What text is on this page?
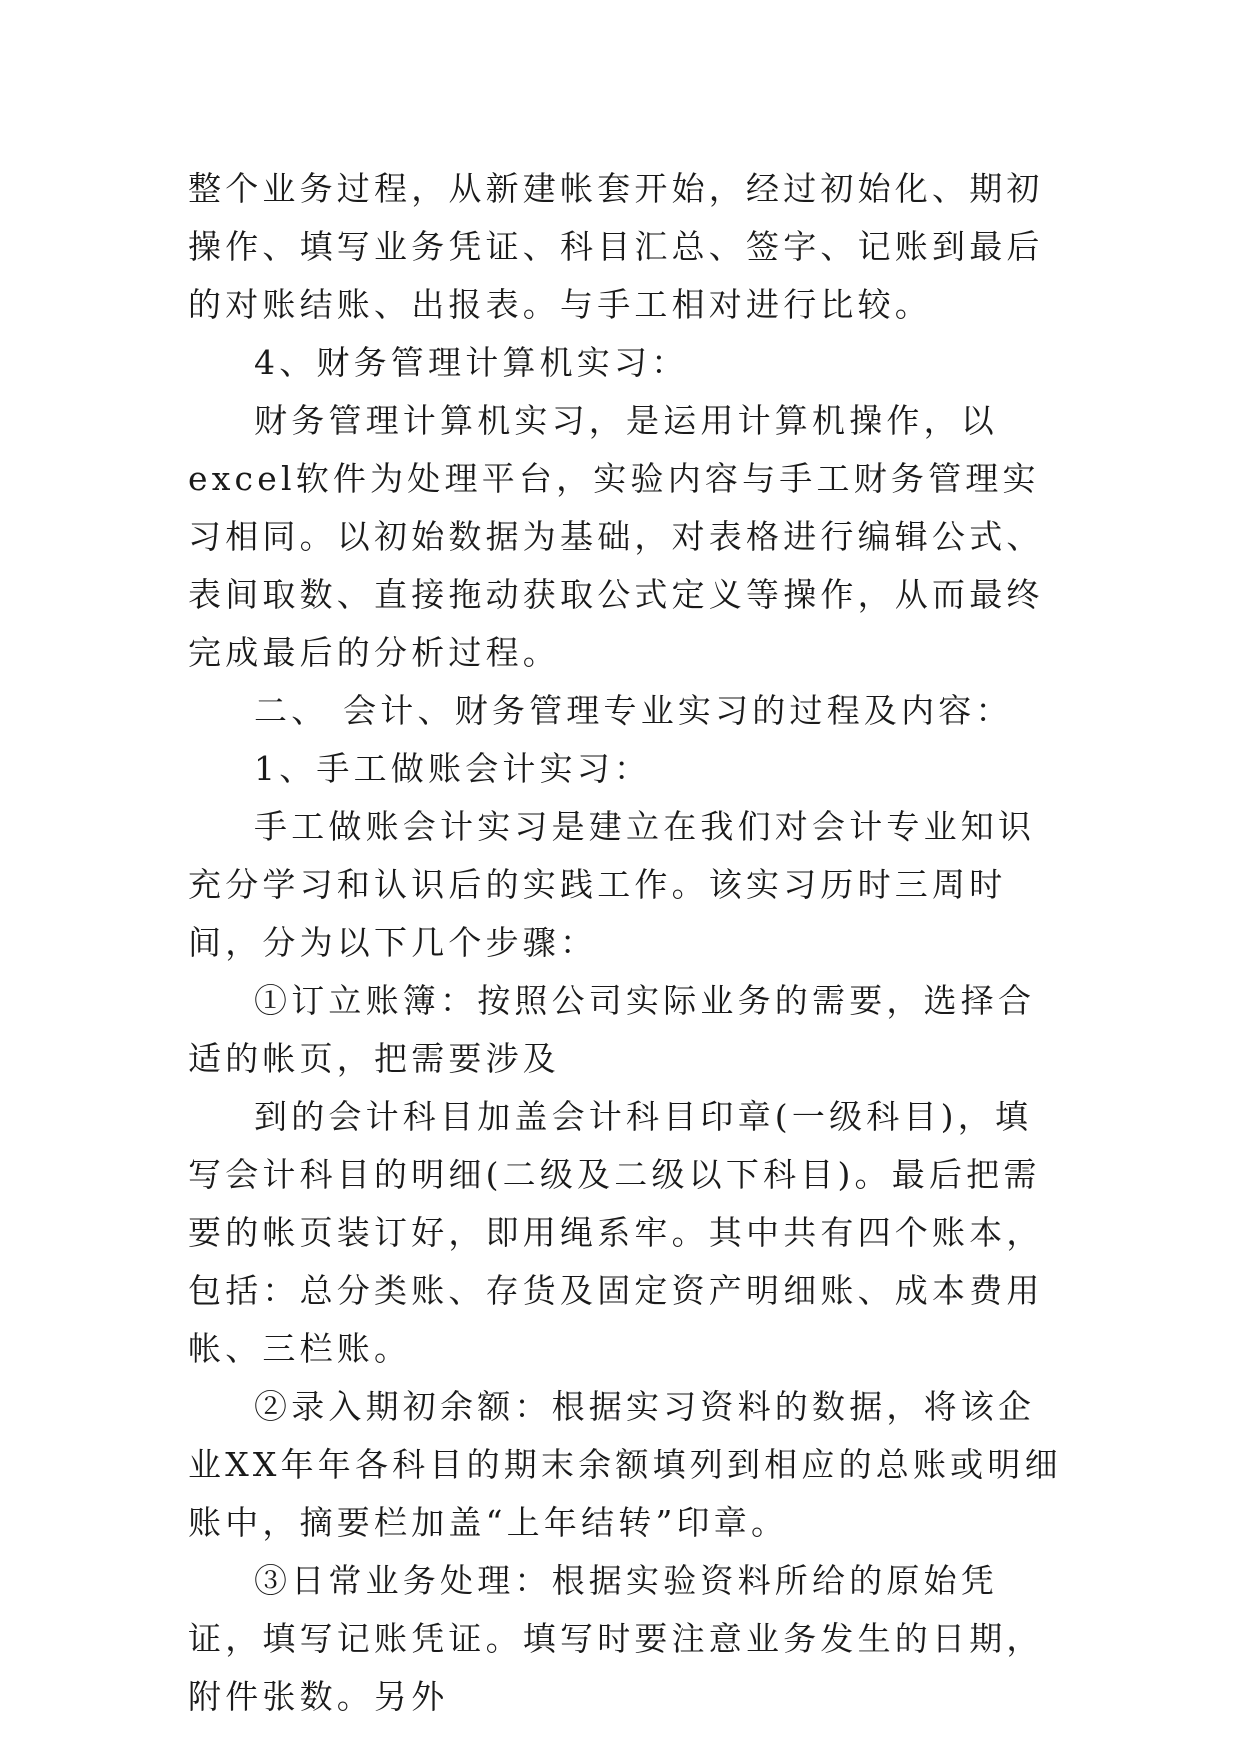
整个业务过程，从新建帐套开始，经过初始化、期初操作、填写业务凭证、科目汇总、签字、记账到最后的对账结账、出报表。与手工相对进行比较。

4、财务管理计算机实习：

财务管理计算机实习，是运用计算机操作，以excel软件为处理平台，实验内容与手工财务管理实习相同。以初始数据为基础，对表格进行编辑公式、表间取数、直接拖动获取公式定义等操作，从而最终完成最后的分析过程。

二、 会计、财务管理专业实习的过程及内容：

1、手工做账会计实习：

手工做账会计实习是建立在我们对会计专业知识充分学习和认识后的实践工作。该实习历时三周时间，分为以下几个步骤：

①订立账簿：按照公司实际业务的需要，选择合适的帐页，把需要涉及

到的会计科目加盖会计科目印章(一级科目)，填写会计科目的明细(二级及二级以下科目)。最后把需要的帐页装订好，即用绳系牢。其中共有四个账本，包括：总分类账、存货及固定资产明细账、成本费用帐、三栏账。

②录入期初余额：根据实习资料的数据，将该企业XX年年各科目的期末余额填列到相应的总账或明细账中，摘要栏加盖“上年结转”印章。

③日常业务处理：根据实验资料所给的原始凭证，填写记账凭证。填写时要注意业务发生的日期，附件张数。另外
